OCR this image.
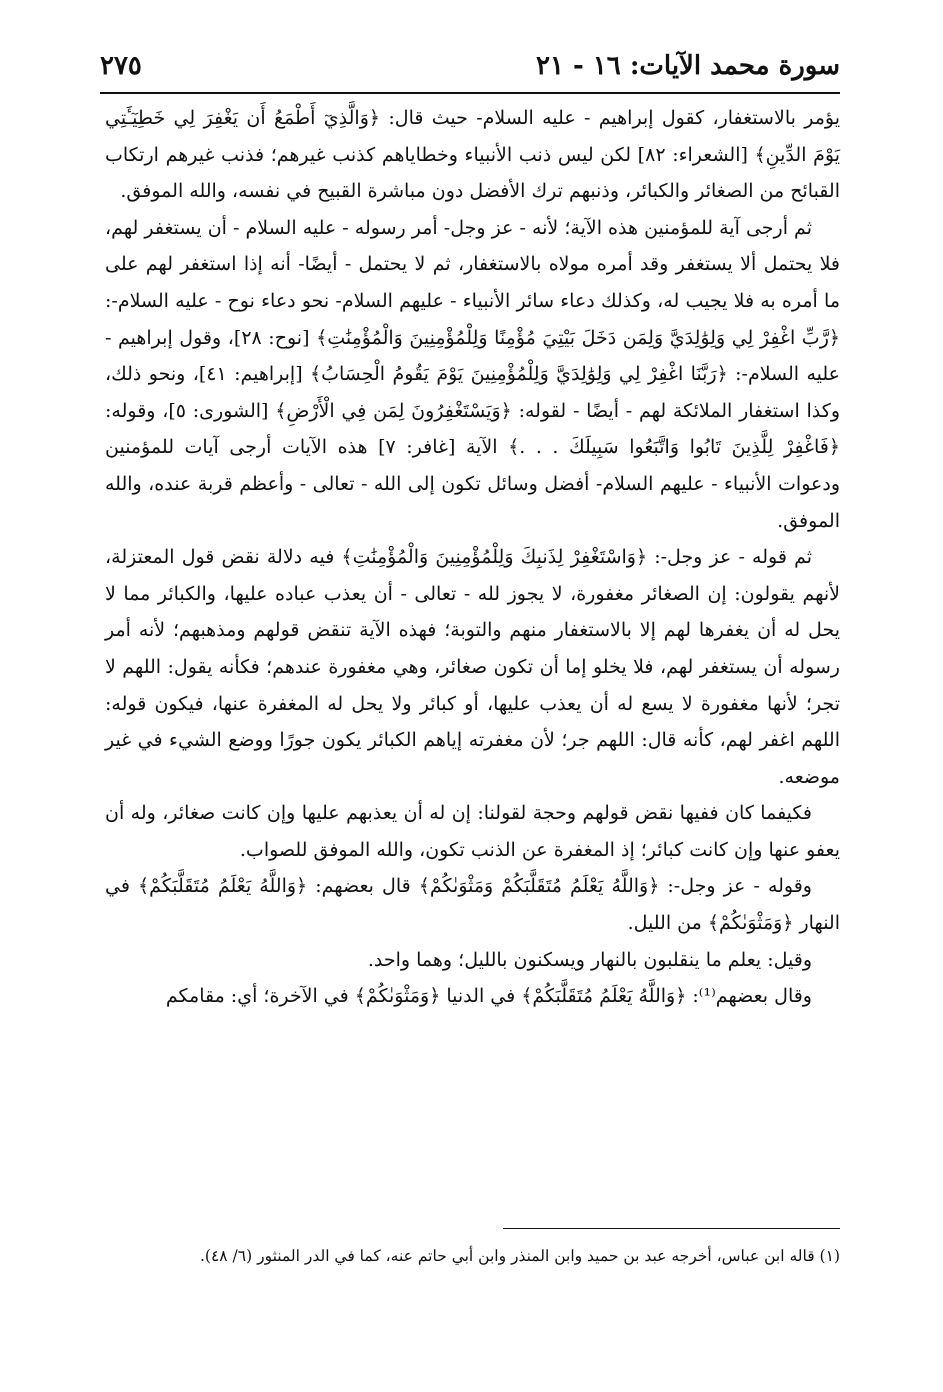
سورة محمد الآيات: ١٦ - ٢١
٢٧٥

يؤمر بالاستغفار، كقول إبراهيم - عليه السلام- حيث قال: ﴿وَالَّذِيٓ أَطْمَعُ أَن يَغْفِرَ لِي خَطِيٓـَٔتِي يَوْمَ الدِّينِ﴾ [الشعراء: ٨٢] لكن ليس ذنب الأنبياء وخطاياهم كذنب غيرهم؛ فذنب غيرهم ارتكاب القبائح من الصغائر والكبائر، وذنبهم ترك الأفضل دون مباشرة القبيح في نفسه، والله الموفق.

ثم أرجى آية للمؤمنين هذه الآية؛ لأنه - عز وجل- أمر رسوله - عليه السلام - أن يستغفر لهم، فلا يحتمل ألا يستغفر وقد أمره مولاه بالاستغفار، ثم لا يحتمل - أيضًا- أنه إذا استغفر لهم على ما أمره به فلا يجيب له، وكذلك دعاء سائر الأنبياء - عليهم السلام- نحو دعاء نوح - عليه السلام-: ﴿رَّبِّ اغْفِرْ لِي وَلِوَٰلِدَيَّ وَلِمَن دَخَلَ بَيْتِيَ مُؤْمِنًا وَلِلْمُؤْمِنِينَ وَالْمُؤْمِنَٰتِ﴾ [نوح: ٢٨]، وقول إبراهيم - عليه السلام-: ﴿رَبَّنَا اغْفِرْ لِي وَلِوَٰلِدَيَّ وَلِلْمُؤْمِنِينَ يَوْمَ يَقُومُ الْحِسَابُ﴾ [إبراهيم: ٤١]، ونحو ذلك، وكذا استغفار الملائكة لهم - أيضًا - لقوله: ﴿وَيَسْتَغْفِرُونَ لِمَن فِي الْأَرْضِ﴾ [الشورى: ٥]، وقوله: ﴿فَاغْفِرْ لِلَّذِينَ تَابُوا وَاتَّبَعُوا سَبِيلَكَ . . .﴾ الآية [غافر: ٧] هذه الآيات أرجى آيات للمؤمنين ودعوات الأنبياء - عليهم السلام- أفضل وسائل تكون إلى الله - تعالى - وأعظم قربة عنده، والله الموفق.

ثم قوله - عز وجل-: ﴿وَاسْتَغْفِرْ لِذَنبِكَ وَلِلْمُؤْمِنِينَ وَالْمُؤْمِنَٰتِ﴾ فيه دلالة نقض قول المعتزلة، لأنهم يقولون: إن الصغائر مغفورة، لا يجوز لله - تعالى - أن يعذب عباده عليها، والكبائر مما لا يحل له أن يغفرها لهم إلا بالاستغفار منهم والتوبة؛ فهذه الآية تنقض قولهم ومذهبهم؛ لأنه أمر رسوله أن يستغفر لهم، فلا يخلو إما أن تكون صغائر، وهي مغفورة عندهم؛ فكأنه يقول: اللهم لا تجر؛ لأنها مغفورة لا يسع له أن يعذب عليها، أو كبائر ولا يحل له المغفرة عنها، فيكون قوله: اللهم اغفر لهم، كأنه قال: اللهم جر؛ لأن مغفرته إياهم الكبائر يكون جورًا ووضع الشيء في غير موضعه.

فكيفما كان ففيها نقض قولهم وحجة لقولنا: إن له أن يعذبهم عليها وإن كانت صغائر، وله أن يعفو عنها وإن كانت كبائر؛ إذ المغفرة عن الذنب تكون، والله الموفق للصواب.

وقوله - عز وجل-: ﴿وَاللَّهُ يَعْلَمُ مُتَقَلَّبَكُمْ وَمَثْوَىٰكُمْ﴾ قال بعضهم: ﴿وَاللَّهُ يَعْلَمُ مُتَقَلَّبَكُمْ﴾ في النهار ﴿وَمَثْوَىٰكُمْ﴾ من الليل.

وقيل: يعلم ما ينقلبون بالنهار ويسكنون بالليل؛ وهما واحد.

وقال بعضهم⁽¹⁾: ﴿وَاللَّهُ يَعْلَمُ مُتَقَلَّبَكُمْ﴾ في الدنيا ﴿وَمَثْوَىٰكُمْ﴾ في الآخرة؛ أي: مقامكم

(١) قاله ابن عباس، أخرجه عبد بن حميد وابن المنذر وابن أبي حاتم عنه، كما في الدر المنثور (٦/ ٤٨).
